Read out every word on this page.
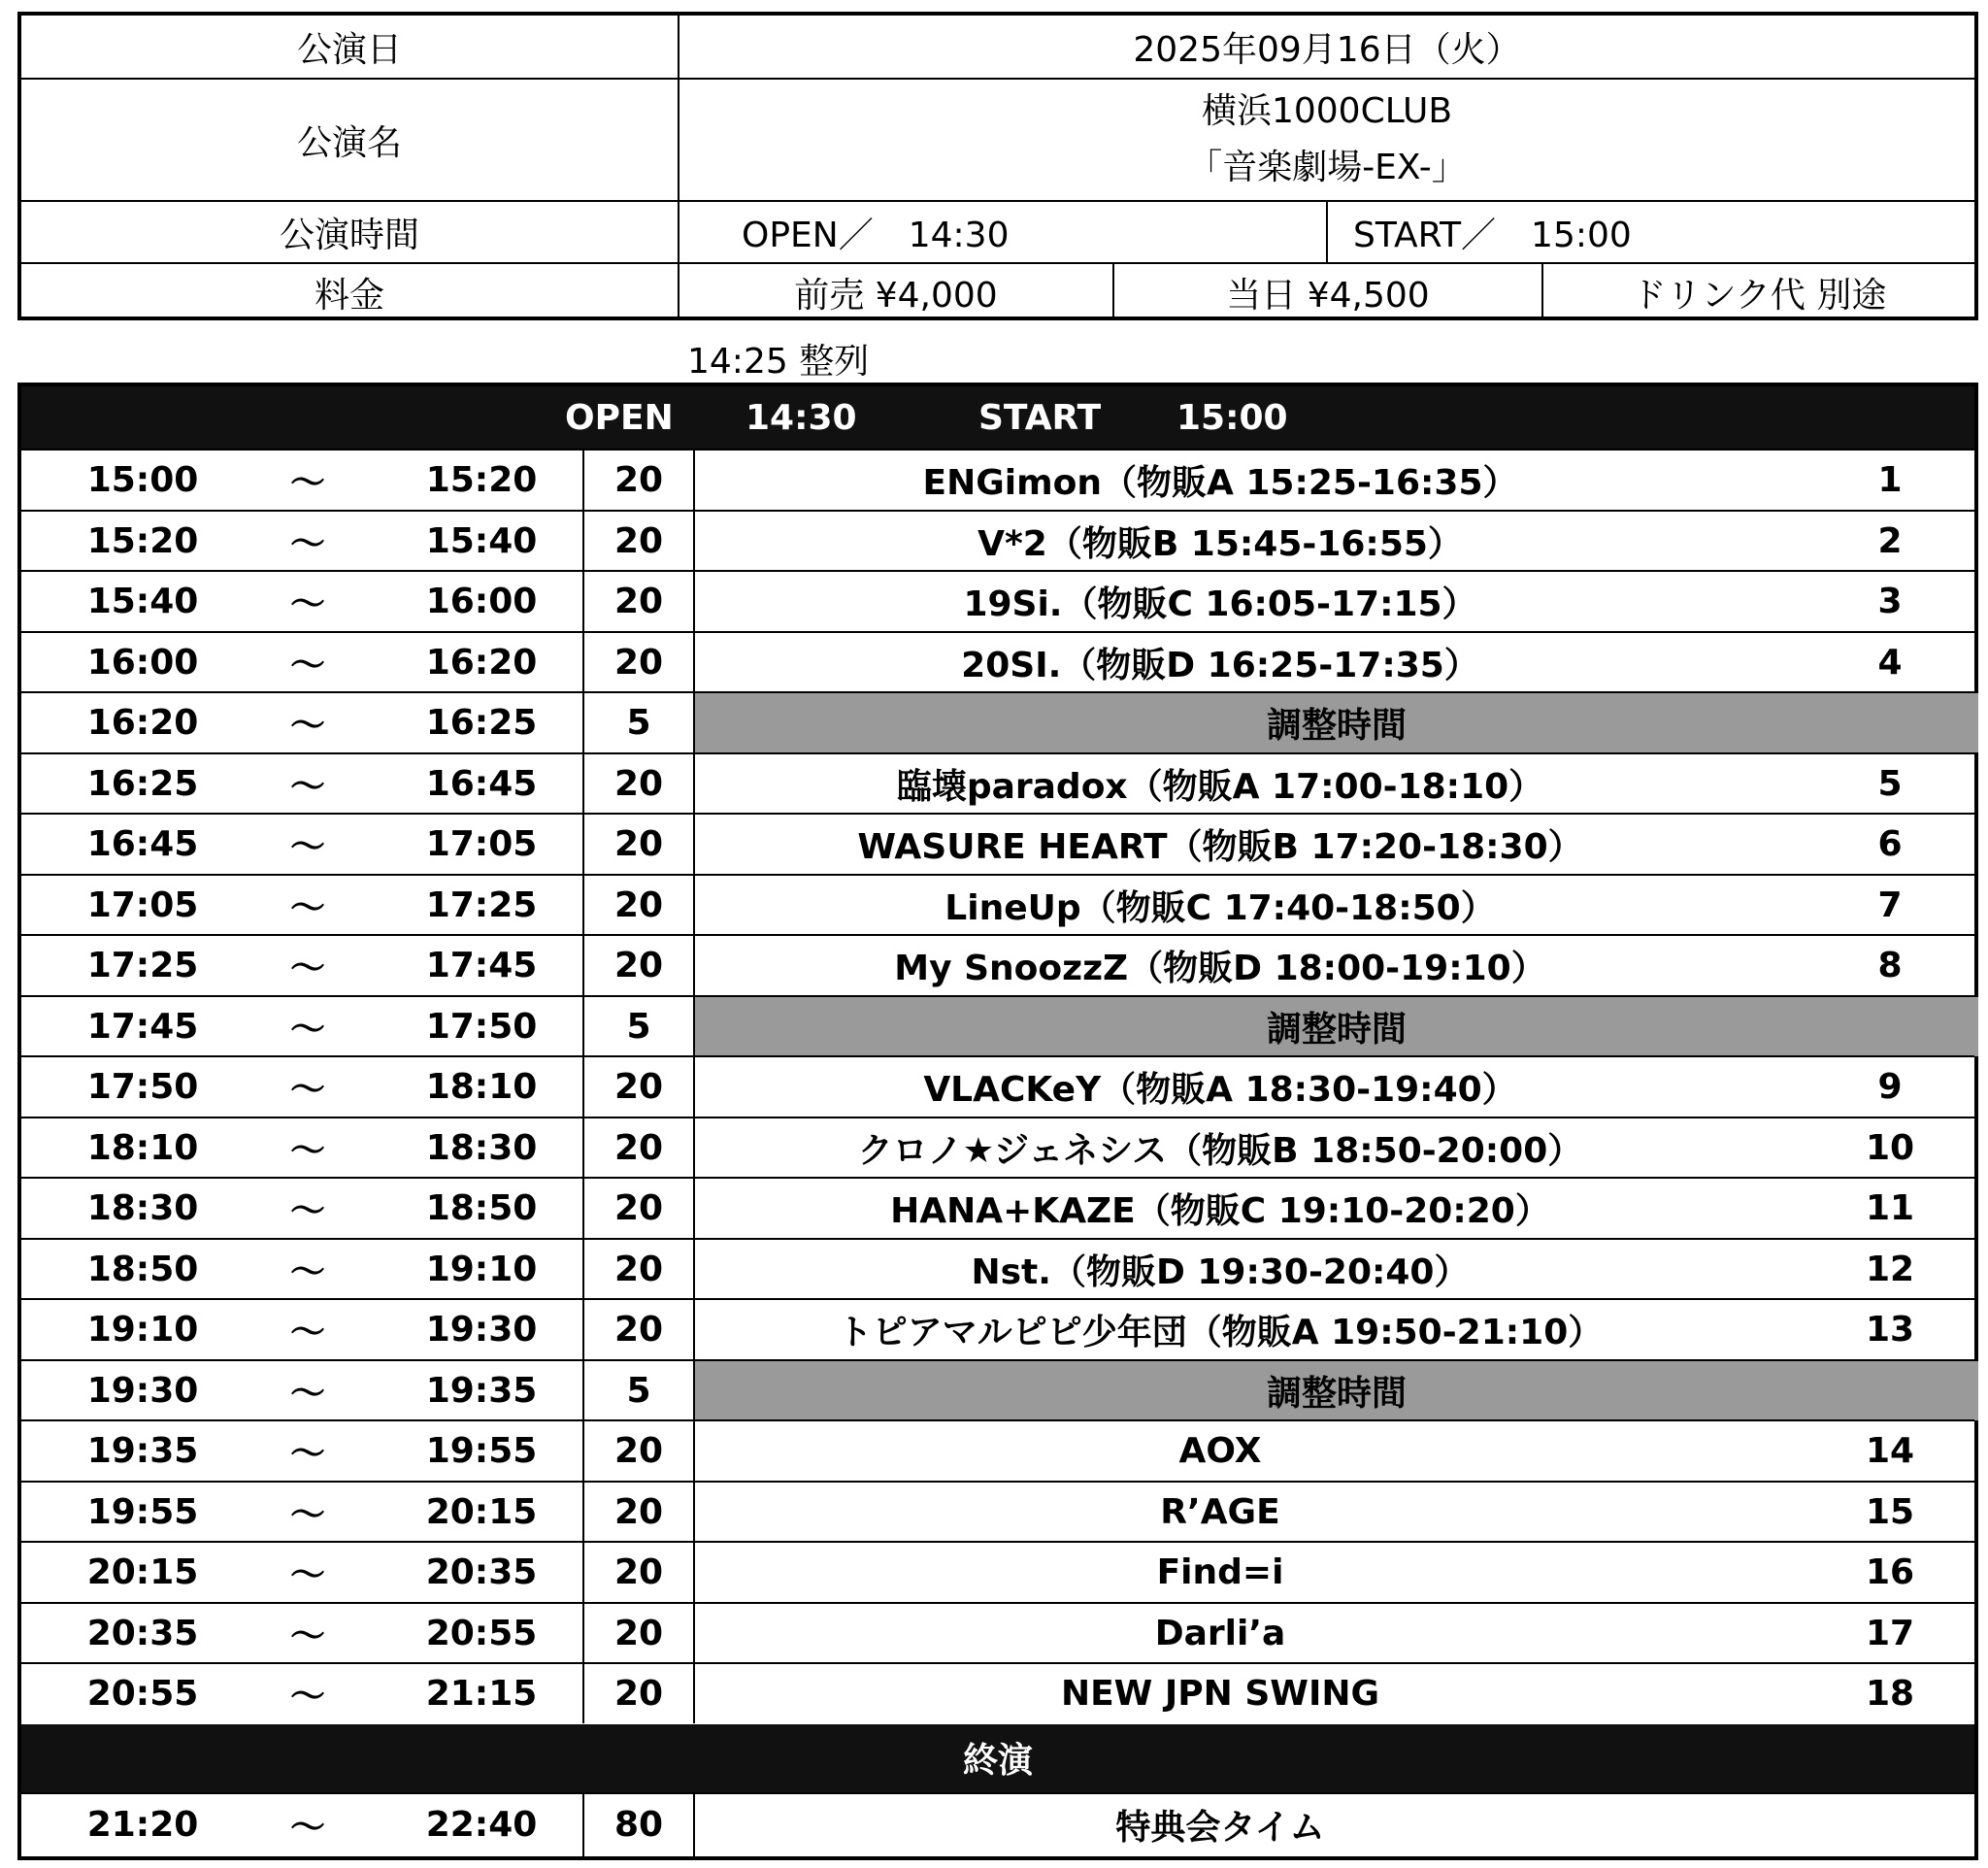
公演日	2025年09月16日（火）
公演名
横浜1000CLUB
「音楽劇場-EX-」
公演時間	OPEN／　14:30	START／　15:00
料金	前売 ¥4,000	当日 ¥4,500	ドリンク代 別途
14:25 整列
OPEN 14:30	START 15:00
15:00	〜	15:20	20	ENGimon（物販A 15:25-16:35）	1
15:20	〜	15:40	20	V*2（物販B 15:45-16:55）	2
15:40	〜	16:00	20	19Si.（物販C 16:05-17:15）	3
16:00	〜	16:20	20	20SI.（物販D 16:25-17:35）	4
16:20	〜	16:25	5	調整時間
16:25	〜	16:45	20	臨壊paradox（物販A 17:00-18:10）	5
16:45	〜	17:05	20	WASURE HEART（物販B 17:20-18:30）	6
17:05	〜	17:25	20	LineUp（物販C 17:40-18:50）	7
17:25	〜	17:45	20	My SnoozzZ（物販D 18:00-19:10）	8
17:45	〜	17:50	5	調整時間
17:50	〜	18:10	20	VLACKeY（物販A 18:30-19:40）	9
18:10	〜	18:30	20	クロノ★ジェネシス（物販B 18:50-20:00）	10
18:30	〜	18:50	20	HANA+KAZE（物販C 19:10-20:20）	11
18:50	〜	19:10	20	Nst.（物販D 19:30-20:40）	12
19:10	〜	19:30	20	トピアマルピピ少年団（物販A 19:50-21:10）	13
19:30	〜	19:35	5	調整時間
19:35	〜	19:55	20	AOX	14
19:55	〜	20:15	20	R’AGE	15
20:15	〜	20:35	20	Find=i	16
20:35	〜	20:55	20	Darli’a	17
20:55	〜	21:15	20	NEW JPN SWING	18
終演
21:20	〜	22:40	80	特典会タイム
